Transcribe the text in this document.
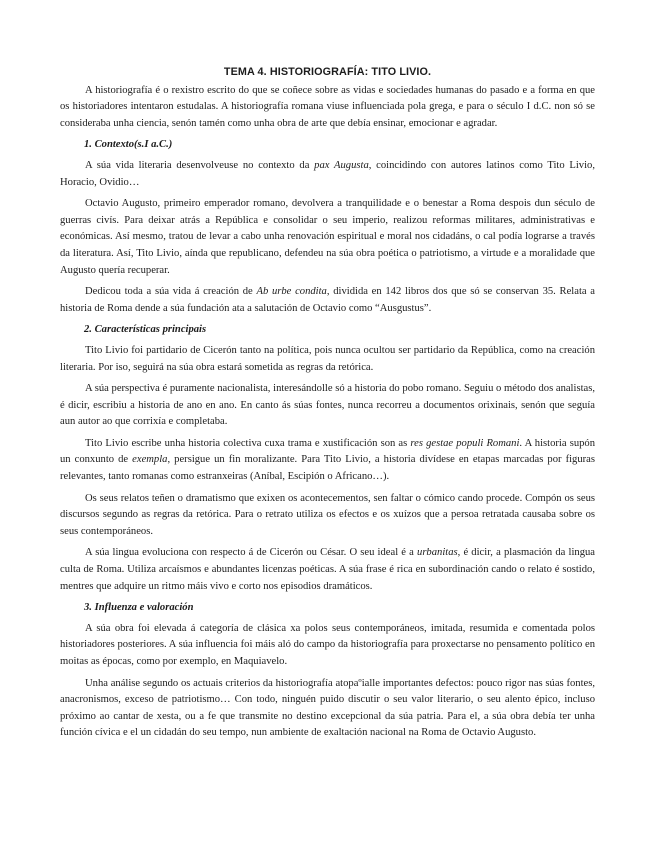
TEMA 4. HISTORIOGRAFÍA: TITO LIVIO.

A historiografía é o rexistro escrito do que se coñece sobre as vidas e sociedades humanas do pasado e a forma en que os historiadores intentaron estudalas. A historiografía romana viuse influenciada pola grega, e para o século I d.C. non só se consideraba unha ciencia, senón tamén como unha obra de arte que debía ensinar, emocionar e agradar.

1. Contexto(s.I a.C.)

A súa vida literaria desenvolveuse no contexto da pax Augusta, coincidindo con autores latinos como Tito Livio, Horacio, Ovidio…

Octavio Augusto, primeiro emperador romano, devolvera a tranquilidade e o benestar a Roma despois dun século de guerras civís. Para deixar atrás a República e consolidar o seu imperio, realizou reformas militares, administrativas e económicas. Así mesmo, tratou de levar a cabo unha renovación espiritual e moral nos cidadáns, o cal podía lograrse a través da literatura. Así, Tito Livio, aínda que republicano, defendeu na súa obra poética o patriotismo, a virtude e a moralidade que Augusto quería recuperar.

Dedicou toda a súa vida á creación de Ab urbe condita, dividida en 142 libros dos que só se conservan 35. Relata a historia de Roma dende a súa fundación ata a salutación de Octavio como “Ausgustus”.

2. Características principais

Tito Livio foi partidario de Cicerón tanto na política, pois nunca ocultou ser partidario da República, como na creación literaria. Por iso, seguirá na súa obra estará sometida as regras da retórica.

A súa perspectiva é puramente nacionalista, interesándolle só a historia do pobo romano. Seguiu o método dos analistas, é dicir, escribiu a historia de ano en ano. En canto ás súas fontes, nunca recorreu a documentos orixinais, senón que seguía aun autor ao que corrixía e completaba.

Tito Livio escribe unha historia colectiva cuxa trama e xustificación son as res gestae populi Romani. A historia supón un conxunto de exempla, persigue un fin moralizante. Para Tito Livio, a historia divídese en etapas marcadas por figuras relevantes, tanto romanas como estranxeiras (Aníbal, Escipión o Africano…).

Os seus relatos teñen o dramatismo que exixen os acontecementos, sen faltar o cómico cando procede. Compón os seus discursos segundo as regras da retórica. Para o retrato utiliza os efectos e os xuízos que a persoa retratada causaba sobre os seus contemporáneos.

A súa lingua evoluciona con respecto á de Cicerón ou César. O seu ideal é a urbanitas, é dicir, a plasmación da lingua culta de Roma. Utiliza arcaísmos e abundantes licenzas poéticas. A súa frase é rica en subordinación cando o relato é sostido, mentres que adquire un ritmo máis vivo e corto nos episodios dramáticos.

3. Influenza e valoración

A súa obra foi elevada á categoría de clásica xa polos seus contemporáneos, imitada, resumida e comentada polos historiadores posteriores. A súa influencia foi máis aló do campo da historiografía para proxectarse no pensamento político en moitas as épocas, como por exemplo, en Maquiavelo.

Unha análise segundo os actuais criterios da historiografía atopaºialle importantes defectos: pouco rigor nas súas fontes, anacronismos, exceso de patriotismo… Con todo, ninguén puido discutir o seu valor literario, o seu alento épico, incluso próximo ao cantar de xesta, ou a fe que transmite no destino excepcional da súa patria. Para el, a súa obra debía ter unha función cívica e el un cidadán do seu tempo, nun ambiente de exaltación nacional na Roma de Octavio Augusto.
